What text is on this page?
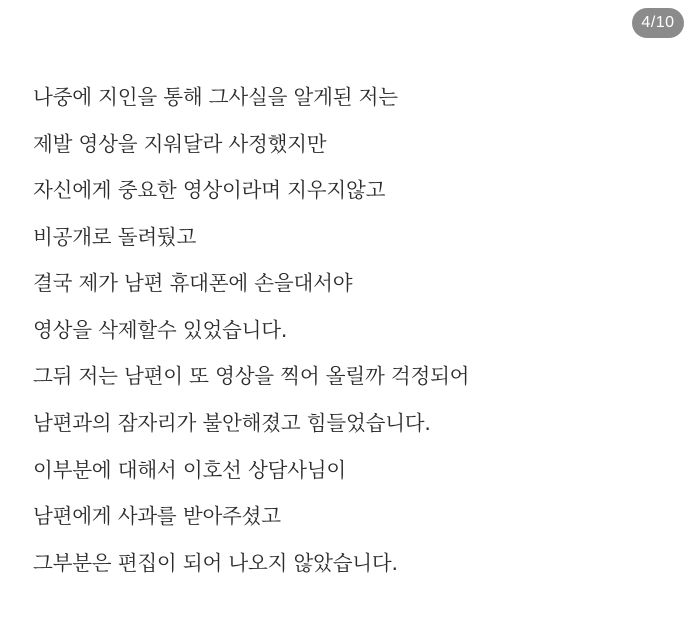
4/10

나중에 지인을 통해 그사실을 알게된 저는

제발 영상을 지워달라 사정했지만

자신에게 중요한 영상이라며 지우지않고

비공개로 돌려뒀고

결국 제가 남편 휴대폰에 손을대서야

영상을 삭제할수 있었습니다.

그뒤 저는 남편이 또 영상을 찍어 올릴까 걱정되어

남편과의 잠자리가 불안해졌고 힘들었습니다.

이부분에 대해서 이호선 상담사님이

남편에게 사과를 받아주셨고

그부분은 편집이 되어 나오지 않았습니다.
